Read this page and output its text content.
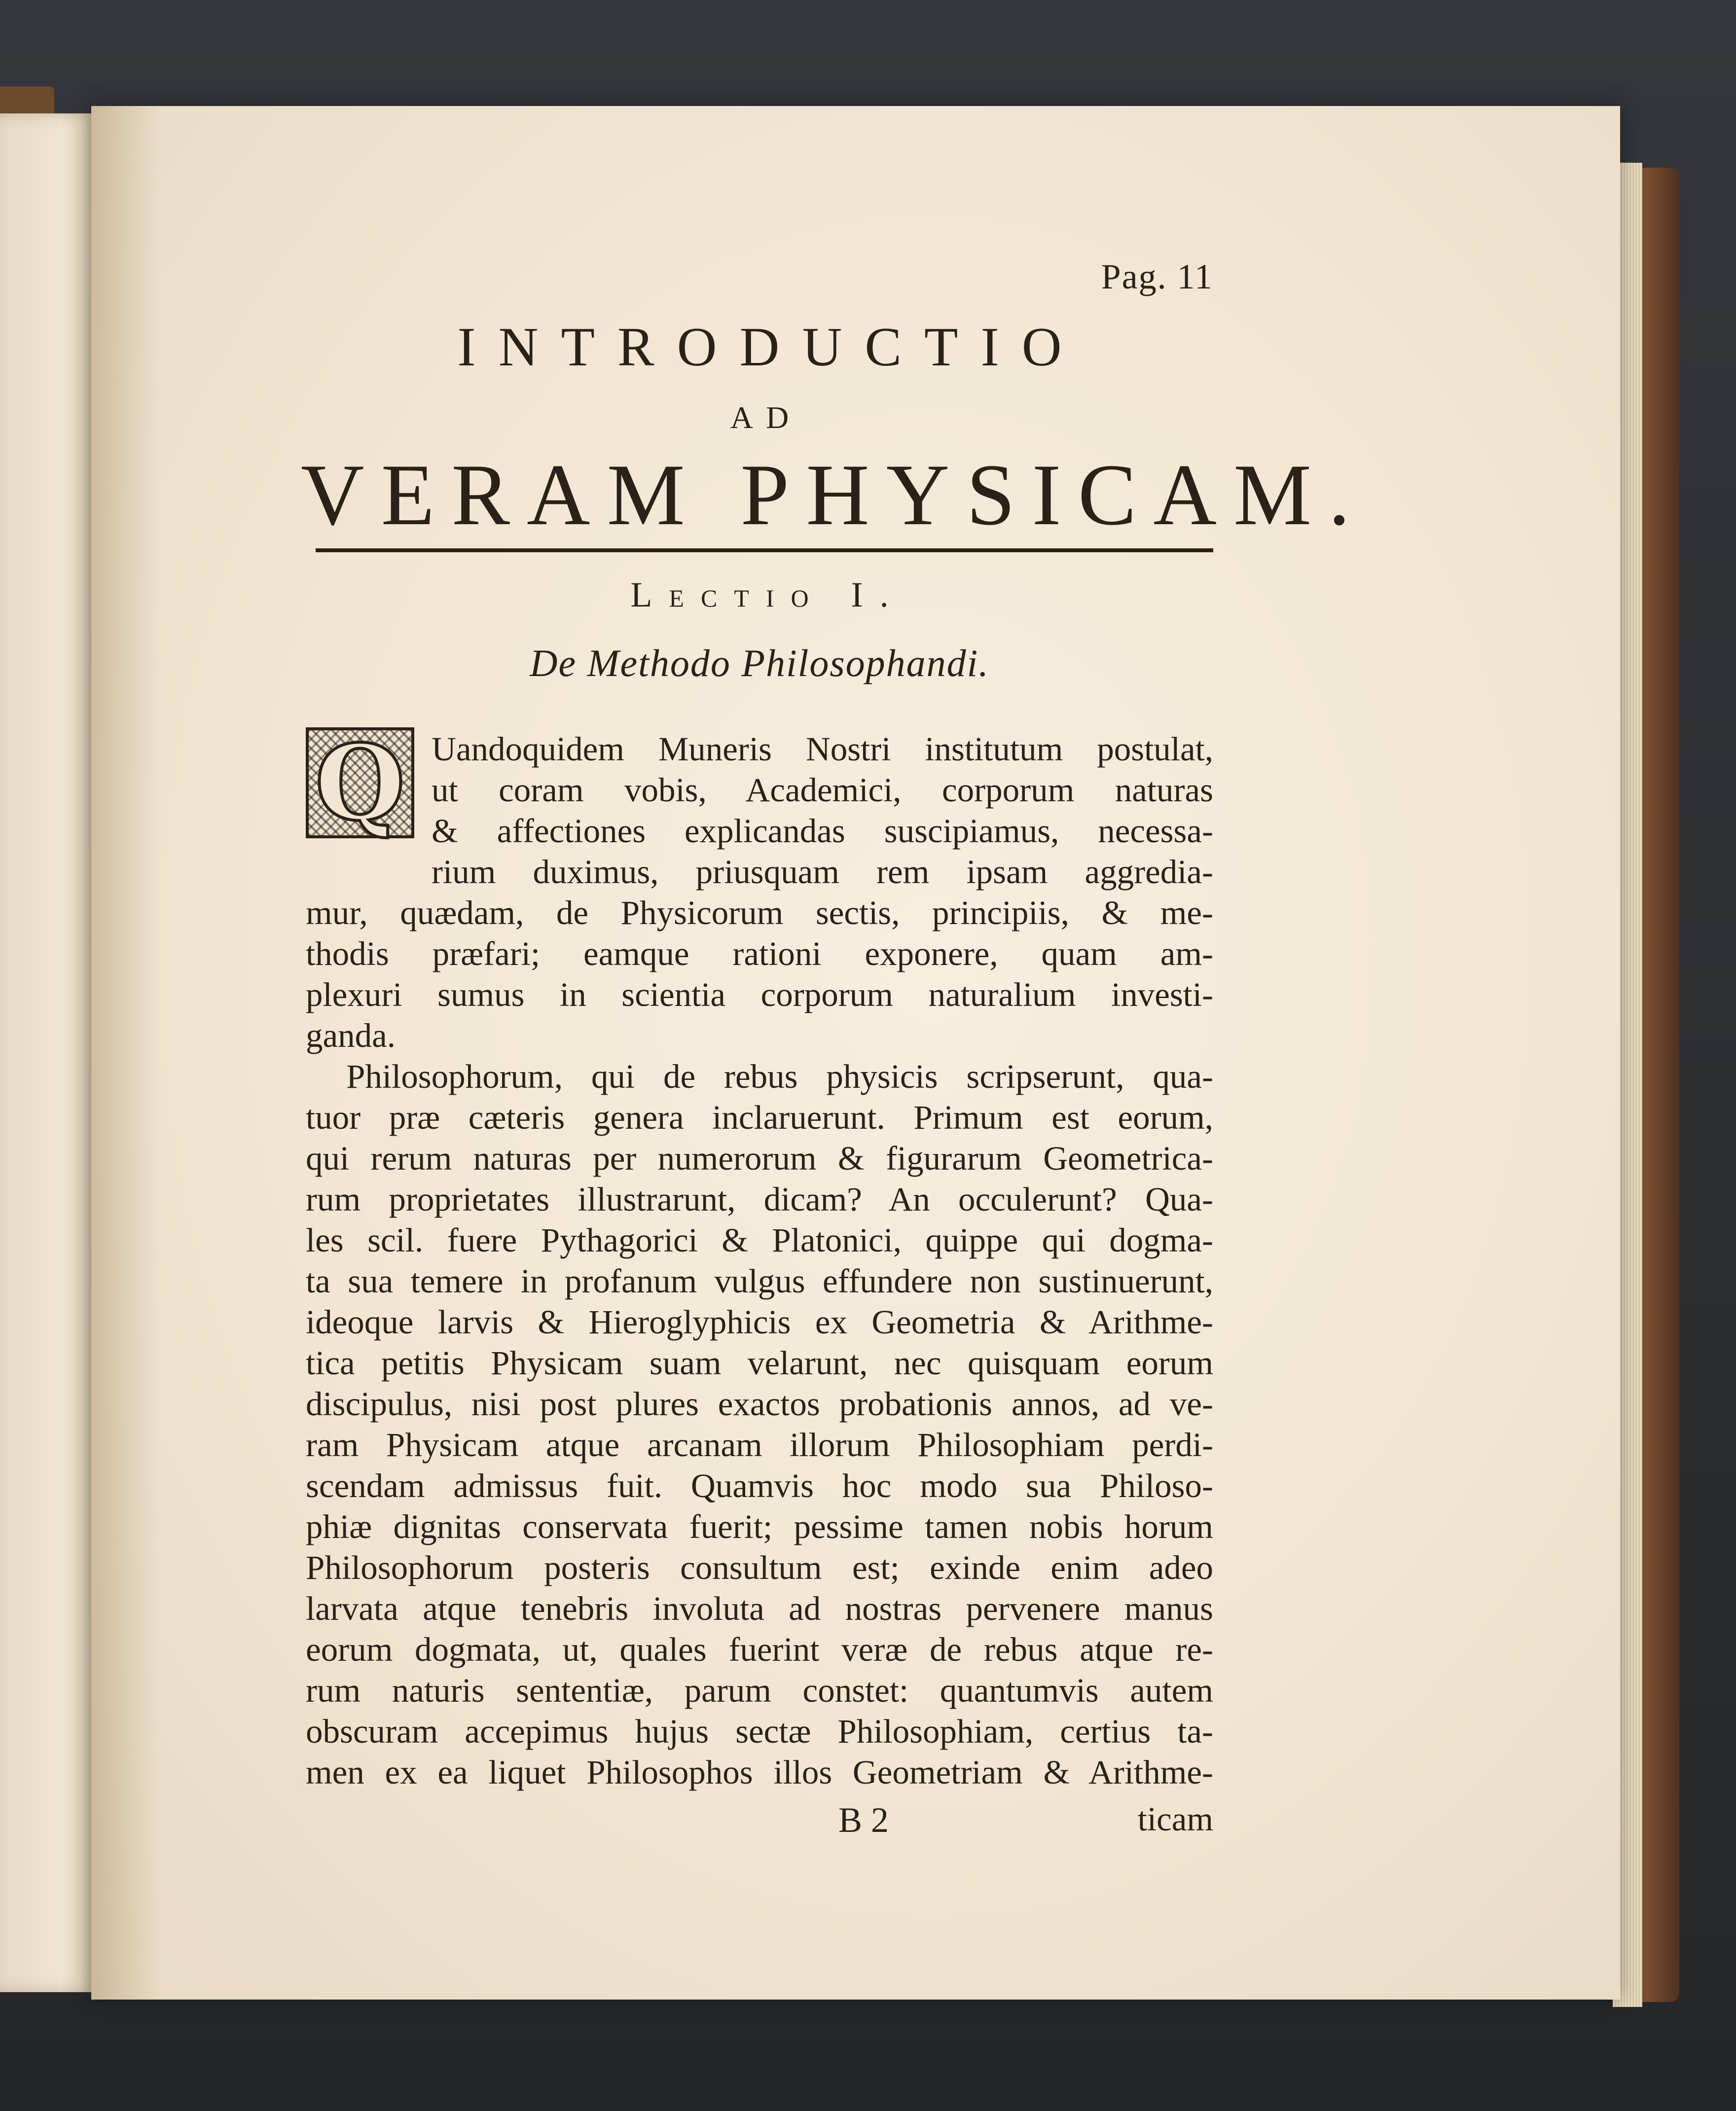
Pag. 11
INTRODUCTIO
AD
VERAM PHYSICAM.
Lectio I.
De Methodo Philosophandi.
Q Uandoquidem Muneris Nostri institutum postulat,
ut coram vobis, Academici, corporum naturas
& affectiones explicandas suscipiamus, necessa-
rium duximus, priusquam rem ipsam aggredia-
mur, quædam, de Physicorum sectis, principiis, & me-
thodis præfari; eamque rationi exponere, quam am-
plexuri sumus in scientia corporum naturalium investi-
ganda.
Philosophorum, qui de rebus physicis scripserunt, qua-
tuor præ cæteris genera inclaruerunt. Primum est eorum,
qui rerum naturas per numerorum & figurarum Geometrica-
rum proprietates illustrarunt, dicam? An occulerunt? Qua-
les scil. fuere Pythagorici & Platonici, quippe qui dogma-
ta sua temere in profanum vulgus effundere non sustinuerunt,
ideoque larvis & Hieroglyphicis ex Geometria & Arithme-
tica petitis Physicam suam velarunt, nec quisquam eorum
discipulus, nisi post plures exactos probationis annos, ad ve-
ram Physicam atque arcanam illorum Philosophiam perdi-
scendam admissus fuit. Quamvis hoc modo sua Philoso-
phiæ dignitas conservata fuerit; pessime tamen nobis horum
Philosophorum posteris consultum est; exinde enim adeo
larvata atque tenebris involuta ad nostras pervenere manus
eorum dogmata, ut, quales fuerint veræ de rebus atque re-
rum naturis sententiæ, parum constet: quantumvis autem
obscuram accepimus hujus sectæ Philosophiam, certius ta-
men ex ea liquet Philosophos illos Geometriam & Arithme-
B 2	ticam
